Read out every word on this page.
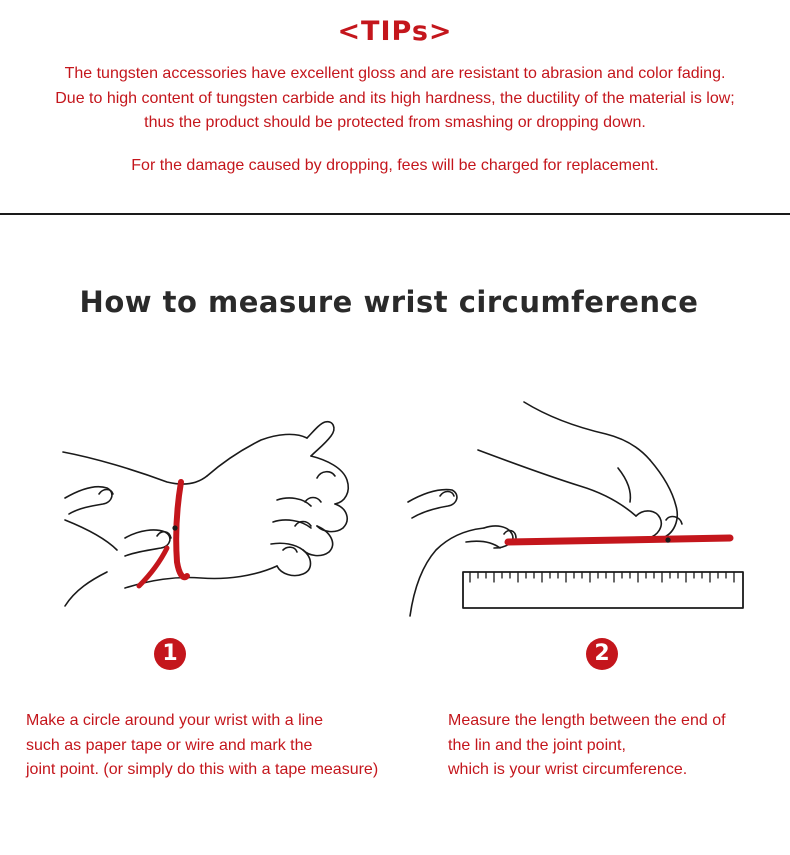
<TIPs>
The tungsten accessories have excellent gloss and are resistant to abrasion and color fading.
Due to high content of tungsten carbide and its high hardness, the ductility of the material is low;
thus the product should be protected from smashing or dropping down.
For the damage caused by dropping, fees will be charged for replacement.
How to measure wrist circumference
1	2
Make a circle around your wrist with a line
such as paper tape or wire and mark the
joint point. (or simply do this with a tape measure)
Measure the length between the end of
the lin and the joint point,
which is your wrist circumference.
